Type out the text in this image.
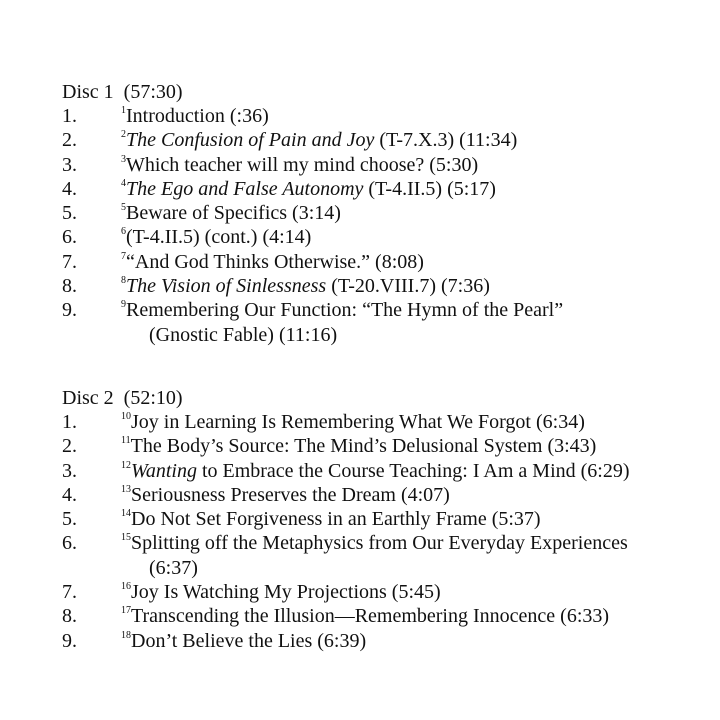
Disc 1 (57:30)
1.	$^1$Introduction (:36)
2.	$^2$The Confusion of Pain and Joy (T-7.X.3) (11:34)
3.	$^3$Which teacher will my mind choose? (5:30)
4.	$^4$The Ego and False Autonomy (T-4.II.5) (5:17)
5.	$^5$Beware of Specifics (3:14)
6.	$^6$(T-4.II.5) (cont.) (4:14)
7.	$^7$“And God Thinks Otherwise.” (8:08)
8.	$^8$The Vision of Sinlessness (T-20.VIII.7) (7:36)
9.	$^9$Remembering Our Function: “The Hymn of the Pearl”
(Gnostic Fable) (11:16)
Disc 2 (52:10)
1.	$^{10}$Joy in Learning Is Remembering What We Forgot (6:34)
2.	$^{11}$The Body’s Source: The Mind’s Delusional System (3:43)
3.	$^{12}$Wanting to Embrace the Course Teaching: I Am a Mind (6:29)
4.	$^{13}$Seriousness Preserves the Dream (4:07)
5.	$^{14}$Do Not Set Forgiveness in an Earthly Frame (5:37)
6.	$^{15}$Splitting off the Metaphysics from Our Everyday Experiences
(6:37)
7.	$^{16}$Joy Is Watching My Projections (5:45)
8.	$^{17}$Transcending the Illusion—Remembering Innocence (6:33)
9.	$^{18}$Don’t Believe the Lies (6:39)
